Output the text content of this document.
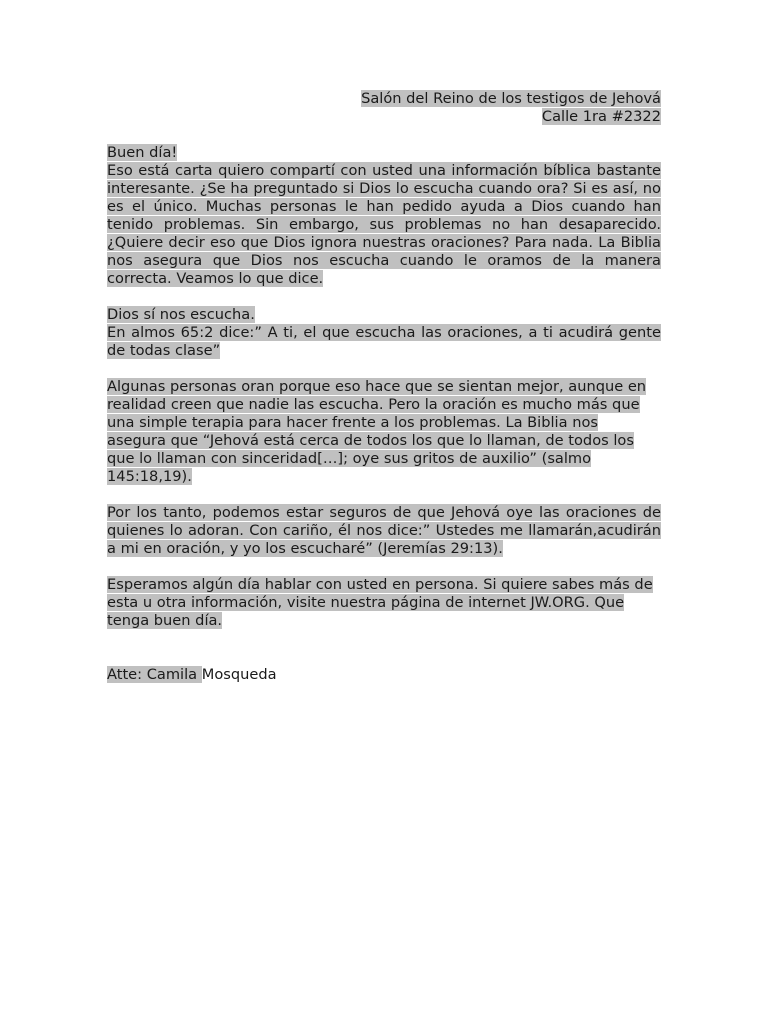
Salón del Reino de los testigos de Jehová

Calle 1ra #2322

Buen día!

Eso está carta quiero compartí con usted una información bíblica bastante interesante. ¿Se ha preguntado si Dios lo escucha cuando ora? Si es así, no es el único. Muchas personas le han pedido ayuda a Dios cuando han tenido problemas. Sin embargo, sus problemas no han desaparecido. ¿Quiere decir eso que Dios ignora nuestras oraciones? Para nada. La Biblia nos asegura que Dios nos escucha cuando le oramos de la manera correcta. Veamos lo que dice.

Dios sí nos escucha.

En almos 65:2 dice:” A ti, el que escucha las oraciones, a ti acudirá gente de todas clase”

Algunas personas oran porque eso hace que se sientan mejor, aunque en realidad creen que nadie las escucha. Pero la oración es mucho más que una simple terapia para hacer frente a los problemas. La Biblia nos asegura que “Jehová está cerca de todos los que lo llaman, de todos los que lo llaman con sinceridad[…]; oye sus gritos de auxilio” (salmo 145:18,19).

Por los tanto, podemos estar seguros de que Jehová oye las oraciones de quienes lo adoran. Con cariño, él nos dice:” Ustedes me llamarán,acudirán a mi en oración, y yo los escucharé” (Jeremías 29:13).

Esperamos algún día hablar con usted en persona. Si quiere sabes más de esta u otra información, visite nuestra página de internet JW.ORG. Que tenga buen día.

Atte: Camila Mosqueda
